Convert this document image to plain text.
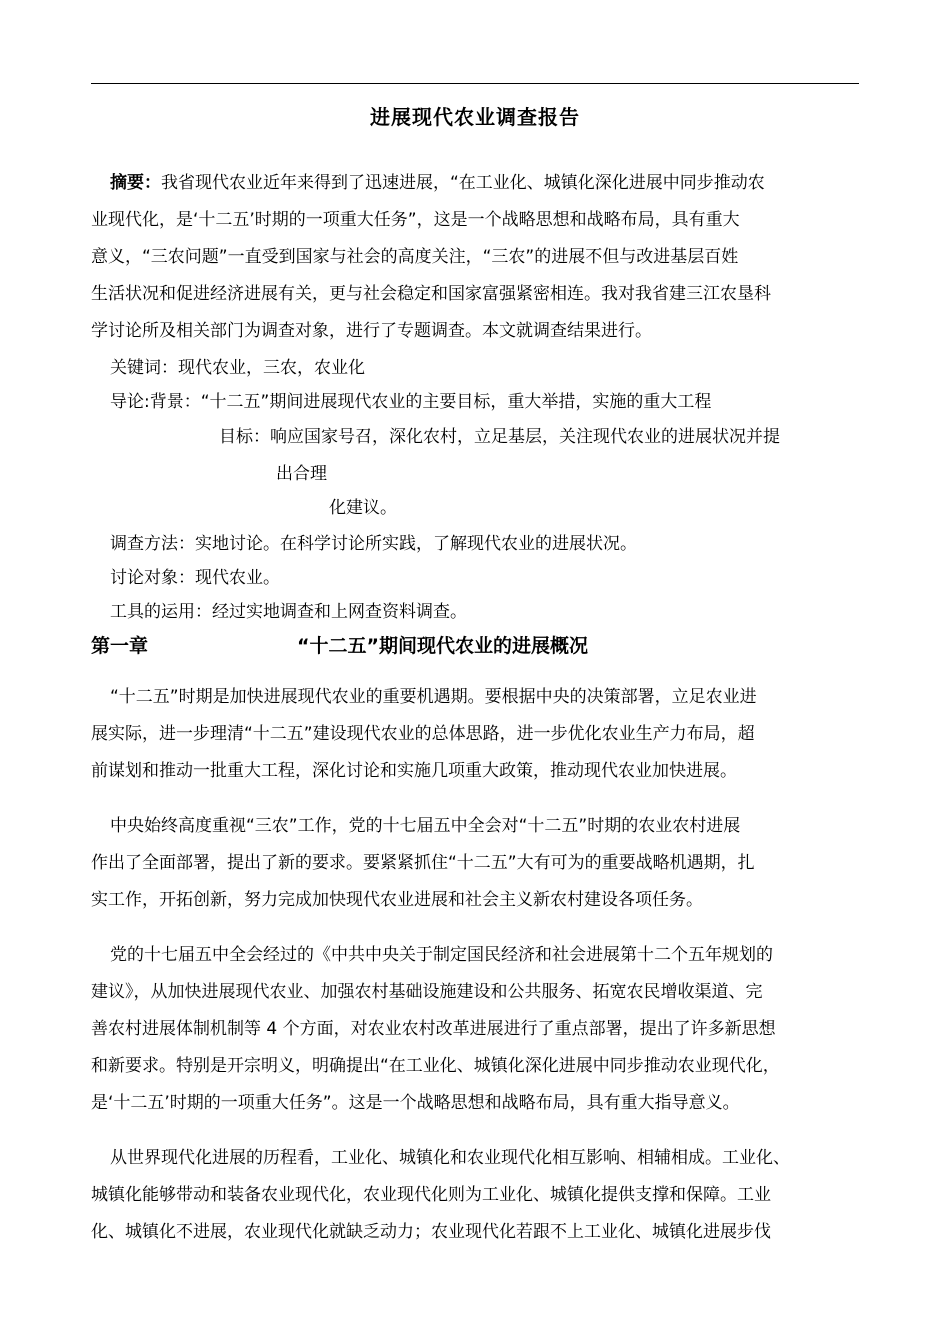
进展现代农业调查报告
摘要：我省现代农业近年来得到了迅速进展，“在工业化、城镇化深化进展中同步推动农
业现代化，是‘十二五’时期的一项重大任务”，这是一个战略思想和战略布局，具有重大
意义，“三农问题”一直受到国家与社会的高度关注，“三农”的进展不但与改进基层百姓
生活状况和促进经济进展有关，更与社会稳定和国家富强紧密相连。我对我省建三江农垦科
学讨论所及相关部门为调查对象，进行了专题调查。本文就调查结果进行。
关键词：现代农业，三农，农业化
导论:背景：“十二五”期间进展现代农业的主要目标，重大举措，实施的重大工程
目标：响应国家号召，深化农村，立足基层，关注现代农业的进展状况并提
出合理
化建议。
调查方法：实地讨论。在科学讨论所实践，了解现代农业的进展状况。
讨论对象：现代农业。
工具的运用：经过实地调查和上网查资料调查。
第一章	“十二五”期间现代农业的进展概况
“十二五”时期是加快进展现代农业的重要机遇期。要根据中央的决策部署，立足农业进
展实际，进一步理清“十二五”建设现代农业的总体思路，进一步优化农业生产力布局，超
前谋划和推动一批重大工程，深化讨论和实施几项重大政策，推动现代农业加快进展。
中央始终高度重视“三农”工作，党的十七届五中全会对“十二五”时期的农业农村进展
作出了全面部署，提出了新的要求。要紧紧抓住“十二五”大有可为的重要战略机遇期，扎
实工作，开拓创新，努力完成加快现代农业进展和社会主义新农村建设各项任务。
党的十七届五中全会经过的《中共中央关于制定国民经济和社会进展第十二个五年规划的
建议》，从加快进展现代农业、加强农村基础设施建设和公共服务、拓宽农民增收渠道、完
善农村进展体制机制等 4 个方面，对农业农村改革进展进行了重点部署，提出了许多新思想
和新要求。特别是开宗明义，明确提出“在工业化、城镇化深化进展中同步推动农业现代化，
是‘十二五’时期的一项重大任务”。这是一个战略思想和战略布局，具有重大指导意义。
从世界现代化进展的历程看，工业化、城镇化和农业现代化相互影响、相辅相成。工业化、
城镇化能够带动和装备农业现代化，农业现代化则为工业化、城镇化提供支撑和保障。工业
化、城镇化不进展，农业现代化就缺乏动力；农业现代化若跟不上工业化、城镇化进展步伐
